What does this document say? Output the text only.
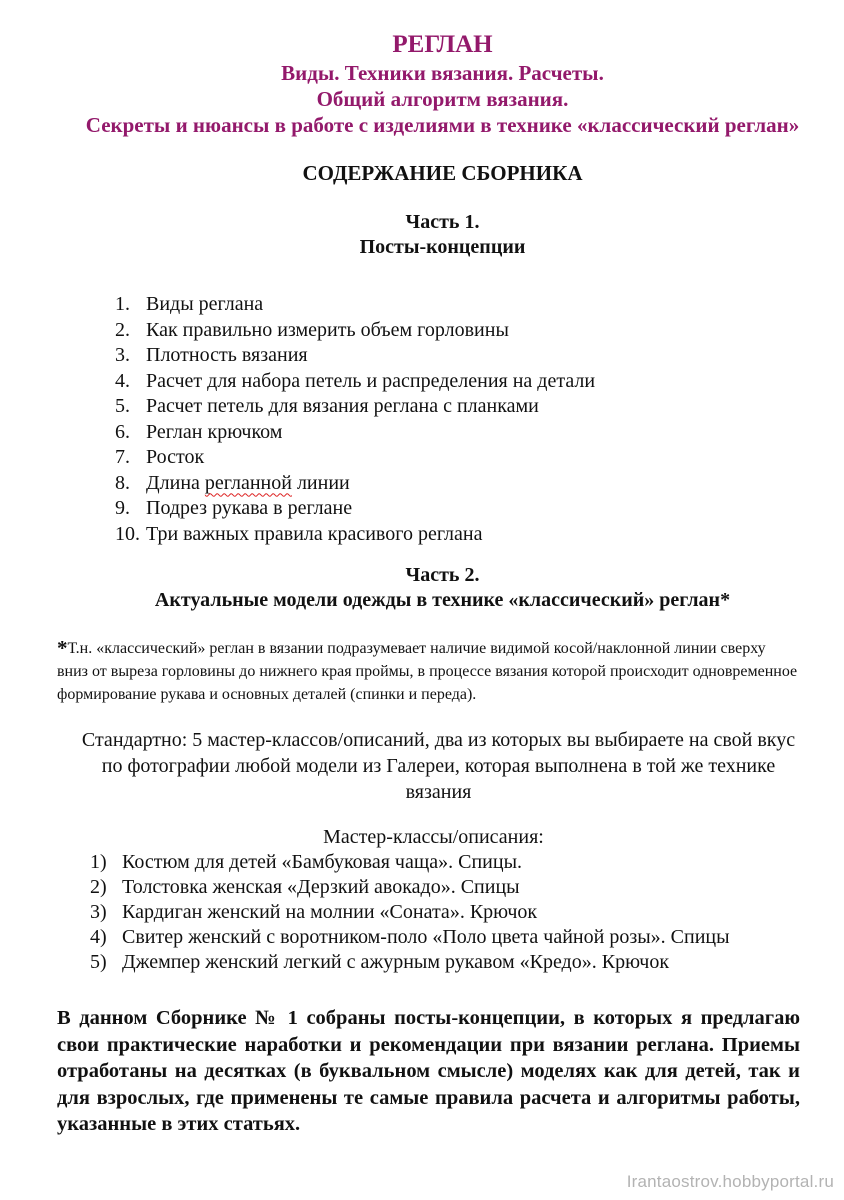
РЕГЛАН
Виды. Техники вязания. Расчеты.
Общий алгоритм вязания.
Секреты и нюансы в работе с изделиями в технике «классический реглан»
СОДЕРЖАНИЕ СБОРНИКА
Часть 1.
Посты-концепции
1. Виды реглана
2. Как правильно измерить объем горловины
3. Плотность вязания
4. Расчет для набора петель и распределения на детали
5. Расчет петель для вязания реглана с планками
6. Реглан крючком
7. Росток
8. Длина регланной линии
9. Подрез рукава в реглане
10. Три важных правила красивого реглана
Часть 2.
Актуальные модели одежды в технике «классический» реглан*

*Т.н. «классический» реглан в вязании подразумевает наличие видимой косой/наклонной линии сверху вниз от выреза горловины до нижнего края проймы, в процессе вязания которой происходит одновременное формирование рукава и основных деталей (спинки и переда).

Стандартно: 5 мастер-классов/описаний, два из которых вы выбираете на свой вкус по фотографии любой модели из Галереи, которая выполнена в той же технике вязания

Мастер-классы/описания:
1) Костюм для детей «Бамбуковая чаща». Спицы.
2) Толстовка женская «Дерзкий авокадо». Спицы
3) Кардиган женский на молнии «Соната». Крючок
4) Свитер женский с воротником-поло «Поло цвета чайной розы». Спицы
5) Джемпер женский легкий с ажурным рукавом «Кредо». Крючок

В данном Сборнике № 1 собраны посты-концепции, в которых я предлагаю свои практические наработки и рекомендации при вязании реглана. Приемы отработаны на десятках (в буквальном смысле) моделях как для детей, так и для взрослых, где применены те самые правила расчета и алгоритмы работы, указанные в этих статьях.

Irantaostrov.hobbyportal.ru
